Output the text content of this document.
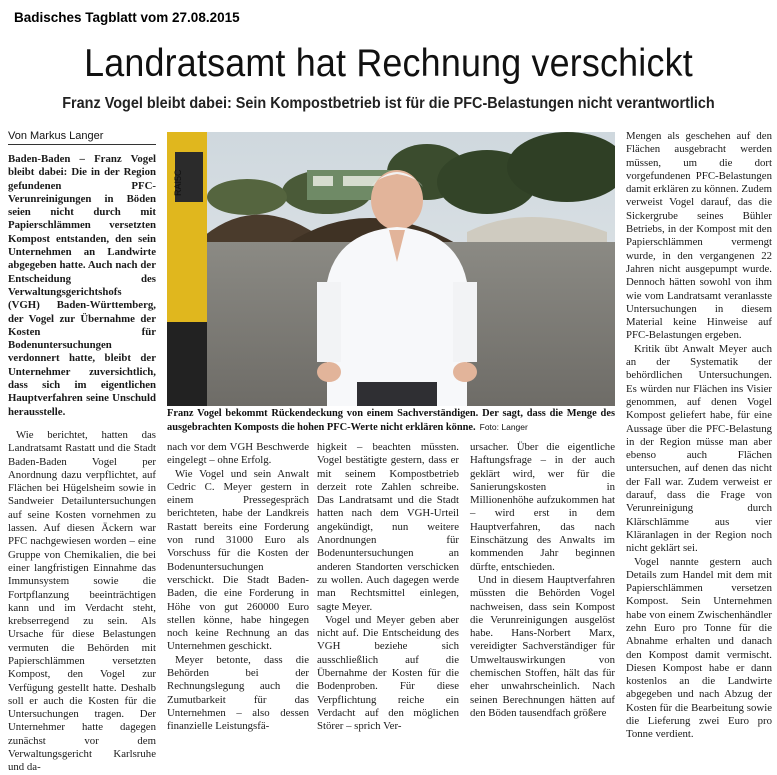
Badisches Tagblatt vom 27.08.2015
Landratsamt hat Rechnung verschickt
Franz Vogel bleibt dabei: Sein Kompostbetrieb ist für die PFC-Belastungen nicht verantwortlich
Von Markus Langer

Baden-Baden – Franz Vogel bleibt dabei: Die in der Region gefundenen PFC-Verunreinigungen in Böden seien nicht durch mit Papierschlämmen versetzten Kompost entstanden, den sein Unternehmen an Landwirte abgegeben hatte. Auch nach der Entscheidung des Verwaltungsgerichtshofs (VGH) Baden-Württemberg, der Vogel zur Übernahme der Kosten für Bodenuntersuchungen verdonnert hatte, bleibt der Unternehmer zuversichtlich, dass sich im eigentlichen Hauptverfahren seine Unschuld herausstelle.

Wie berichtet, hatten das Landratsamt Rastatt und die Stadt Baden-Baden Vogel per Anordnung dazu verpflichtet, auf Flächen bei Hügelsheim sowie in Sandweier Detailuntersuchungen auf seine Kosten vornehmen zu lassen. Auf diesen Äckern war PFC nachgewiesen worden – eine Gruppe von Chemikalien, die bei einer langfristigen Einnahme das Immunsystem sowie die Fortpflanzung beeinträchtigen kann und im Verdacht steht, krebserregend zu sein. Als Ursache für diese Belastungen vermuten die Behörden mit Papierschlämmen versetzten Kompost, den Vogel zur Verfügung gestellt hatte. Deshalb soll er auch die Kosten für die Untersuchungen tragen. Der Unternehmer hatte dagegen zunächst vor dem Verwaltungsgericht Karlsruhe und da-

RAI5C
Franz Vogel bekommt Rückendeckung von einem Sachverständigen. Der sagt, dass die Menge des ausgebrachten Komposts die hohen PFC-Werte nicht erklären könne. Foto: Langer

nach vor dem VGH Beschwerde eingelegt – ohne Erfolg.

Wie Vogel und sein Anwalt Cedric C. Meyer gestern in einem Pressegespräch berichteten, habe der Landkreis Rastatt bereits eine Forderung von rund 31000 Euro als Vorschuss für die Kosten der Bodenuntersuchungen verschickt. Die Stadt Baden-Baden, die eine Forderung in Höhe von gut 260000 Euro stellen könne, habe hingegen noch keine Rechnung an das Unternehmen geschickt.

Meyer betonte, dass die Behörden bei der Rechnungslegung auch die Zumutbarkeit für das Unternehmen – also dessen finanzielle Leistungsfä-

higkeit – beachten müssten. Vogel bestätigte gestern, dass er mit seinem Kompostbetrieb derzeit rote Zahlen schreibe. Das Landratsamt und die Stadt hatten nach dem VGH-Urteil angekündigt, nun weitere Anordnungen für Bodenuntersuchungen an anderen Standorten verschicken zu wollen. Auch dagegen werde man Rechtsmittel einlegen, sagte Meyer.

Vogel und Meyer geben aber nicht auf. Die Entscheidung des VGH beziehe sich ausschließlich auf die Übernahme der Kosten für die Bodenproben. Für diese Verpflichtung reiche ein Verdacht auf den möglichen Störer – sprich Ver-

ursacher. Über die eigentliche Haftungsfrage – in der auch geklärt wird, wer für die Sanierungskosten in Millionenhöhe aufzukommen hat – wird erst in dem Hauptverfahren, das nach Einschätzung des Anwalts im kommenden Jahr beginnen dürfte, entschieden.

Und in diesem Hauptverfahren müssten die Behörden Vogel nachweisen, dass sein Kompost die Verunreinigungen ausgelöst habe. Hans-Norbert Marx, vereidigter Sachverständiger für Umweltauswirkungen von chemischen Stoffen, hält das für eher unwahrscheinlich. Nach seinen Berechnungen hätten auf den Böden tausendfach größere

Mengen als geschehen auf den Flächen ausgebracht werden müssen, um die dort vorgefundenen PFC-Belastungen damit erklären zu können. Zudem verweist Vogel darauf, das die Sickergrube seines Bühler Betriebs, in der Kompost mit den Papierschlämmen vermengt wurde, in den vergangenen 22 Jahren nicht ausgepumpt wurde. Dennoch hätten sowohl von ihm wie vom Landratsamt veranlasste Untersuchungen in diesem Material keine Hinweise auf PFC-Belastungen ergeben.

Kritik übt Anwalt Meyer auch an der Systematik der behördlichen Untersuchungen. Es würden nur Flächen ins Visier genommen, auf denen Vogel Kompost geliefert habe, für eine Aussage über die PFC-Belastung in der Region müsse man aber ebenso auch Flächen untersuchen, auf denen das nicht der Fall war. Zudem verweist er darauf, dass die Frage von Verunreinigung durch Klärschlämme aus vier Kläranlagen in der Region noch nicht geklärt sei.

Vogel nannte gestern auch Details zum Handel mit dem mit Papierschlämmen versetzen Kompost. Sein Unternehmen habe von einem Zwischenhändler zehn Euro pro Tonne für die Abnahme erhalten und danach den Kompost damit vermischt. Diesen Kompost habe er dann kostenlos an die Landwirte abgegeben und nach Abzug der Kosten für die Bearbeitung sowie die Lieferung zwei Euro pro Tonne verdient.
